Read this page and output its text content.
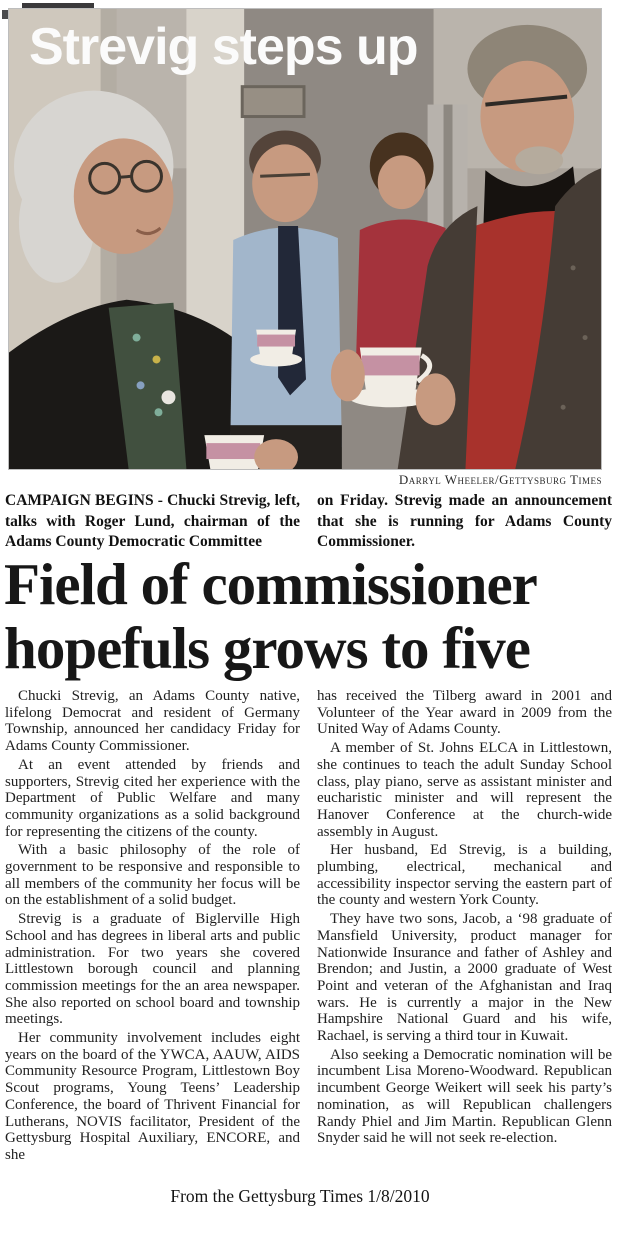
Strevig steps up
Darryl Wheeler/Gettysburg Times

CAMPAIGN BEGINS - Chucki Strevig, left, talks with Roger Lund, chairman of the Adams County Democratic Committee

on Friday. Strevig made an announcement that she is running for Adams County Commissioner.

Field of commissioner
hopefuls grows to five

Chucki Strevig, an Adams County native, lifelong Democrat and resident of Germany Township, announced her candidacy Friday for Adams County Commissioner.

At an event attended by friends and supporters, Strevig cited her experience with the Department of Public Welfare and many community organizations as a solid background for representing the citizens of the county.

With a basic philosophy of the role of government to be responsive and responsible to all members of the community her focus will be on the establishment of a solid budget.

Strevig is a graduate of Biglerville High School and has degrees in liberal arts and public administration. For two years she covered Littlestown borough council and planning commission meetings for the an area newspaper. She also reported on school board and township meetings.

Her community involvement includes eight years on the board of the YWCA, AAUW, AIDS Community Resource Program, Littlestown Boy Scout programs, Young Teens’ Leadership Conference, the board of Thrivent Financial for Lutherans, NOVIS facilitator, President of the Gettysburg Hospital Auxiliary, ENCORE, and she

has received the Tilberg award in 2001 and Volunteer of the Year award in 2009 from the United Way of Adams County.

A member of St. Johns ELCA in Littlestown, she continues to teach the adult Sunday School class, play piano, serve as assistant minister and eucharistic minister and will represent the Hanover Conference at the church-wide assembly in August.

Her husband, Ed Strevig, is a building, plumbing, electrical, mechanical and accessibility inspector serving the eastern part of the county and western York County.

They have two sons, Jacob, a ‘98 graduate of Mansfield University, product manager for Nationwide Insurance and father of Ashley and Brendon; and Justin, a 2000 graduate of West Point and veteran of the Afghanistan and Iraq wars. He is currently a major in the New Hampshire National Guard and his wife, Rachael, is serving a third tour in Kuwait.

Also seeking a Democratic nomination will be incumbent Lisa Moreno-Woodward. Republican incumbent George Weikert will seek his party’s nomination, as will Republican challengers Randy Phiel and Jim Martin. Republican Glenn Snyder said he will not seek re-election.

From the Gettysburg Times 1/8/2010
